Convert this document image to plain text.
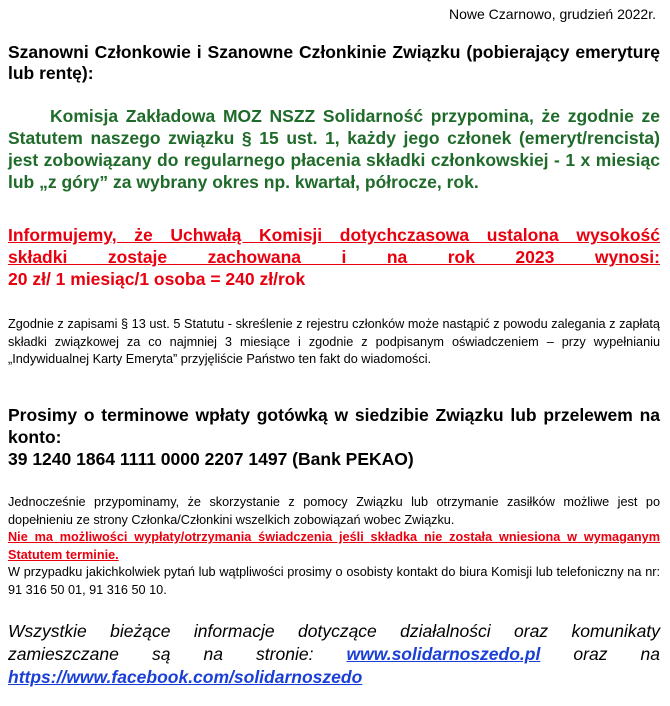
Nowe Czarnowo, grudzień 2022r.

Szanowni Członkowie i Szanowne Członkinie Związku (pobierający emeryturę lub rentę):

Komisja Zakładowa MOZ NSZZ Solidarność przypomina, że zgodnie ze Statutem naszego związku § 15 ust. 1, każdy jego członek (emeryt/rencista) jest zobowiązany do regularnego płacenia składki członkowskiej - 1 x miesiąc lub „z góry” za wybrany okres np. kwartał, półrocze, rok.

Informujemy, że Uchwałą Komisji dotychczasowa ustalona wysokość

składki zostaje zachowana i na rok 2023 wynosi:

20 zł/ 1 miesiąc/1 osoba = 240 zł/rok

Zgodnie z zapisami § 13 ust. 5 Statutu - skreślenie z rejestru członków może nastąpić z powodu zalegania z zapłatą składki związkowej za co najmniej 3 miesiące i zgodnie z podpisanym oświadczeniem – przy wypełnianiu „Indywidualnej Karty Emeryta” przyjęliście Państwo ten fakt do wiadomości.

Prosimy o terminowe wpłaty gotówką w siedzibie Związku lub przelewem na konto:

39 1240 1864 1111 0000 2207 1497 (Bank PEKAO)

Jednocześnie przypominamy, że skorzystanie z pomocy Związku lub otrzymanie zasiłków możliwe jest po dopełnieniu ze strony Członka/Członkini wszelkich zobowiązań wobec Związku.

Nie ma możliwości wypłaty/otrzymania świadczenia jeśli składka nie została wniesiona w wymaganym Statutem terminie.

W przypadku jakichkolwiek pytań lub wątpliwości prosimy o osobisty kontakt do biura Komisji lub telefoniczny na nr: 91 316 50 01, 91 316 50 10.

Wszystkie bieżące informacje dotyczące działalności oraz komunikaty zamieszczane są na stronie: www.solidarnoszedo.pl oraz na https://www.facebook.com/solidarnoszedo
